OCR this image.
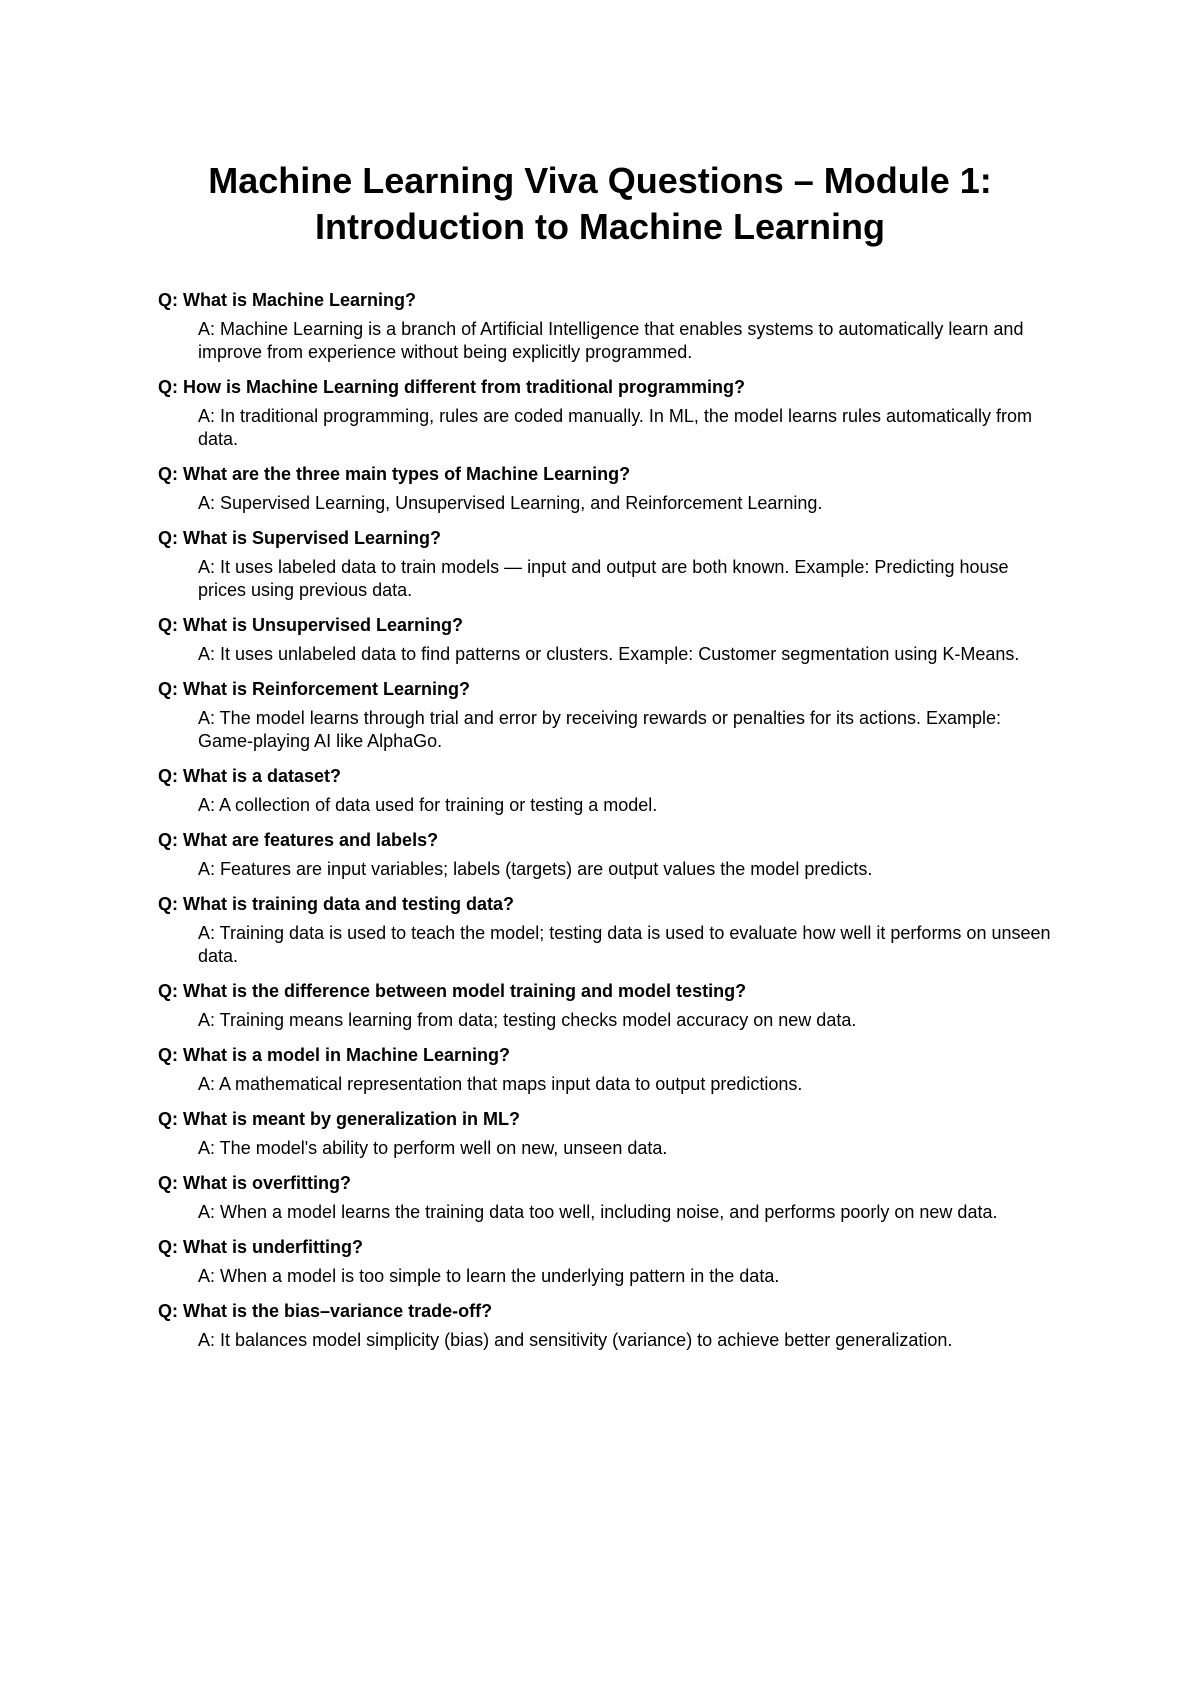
Machine Learning Viva Questions – Module 1:
Introduction to Machine Learning
Q: What is Machine Learning?
A: Machine Learning is a branch of Artificial Intelligence that enables systems to automatically learn and improve from experience without being explicitly programmed.
Q: How is Machine Learning different from traditional programming?
A: In traditional programming, rules are coded manually. In ML, the model learns rules automatically from data.
Q: What are the three main types of Machine Learning?
A: Supervised Learning, Unsupervised Learning, and Reinforcement Learning.
Q: What is Supervised Learning?
A: It uses labeled data to train models — input and output are both known. Example: Predicting house prices using previous data.
Q: What is Unsupervised Learning?
A: It uses unlabeled data to find patterns or clusters. Example: Customer segmentation using K-Means.
Q: What is Reinforcement Learning?
A: The model learns through trial and error by receiving rewards or penalties for its actions. Example: Game-playing AI like AlphaGo.
Q: What is a dataset?
A: A collection of data used for training or testing a model.
Q: What are features and labels?
A: Features are input variables; labels (targets) are output values the model predicts.
Q: What is training data and testing data?
A: Training data is used to teach the model; testing data is used to evaluate how well it performs on unseen data.
Q: What is the difference between model training and model testing?
A: Training means learning from data; testing checks model accuracy on new data.
Q: What is a model in Machine Learning?
A: A mathematical representation that maps input data to output predictions.
Q: What is meant by generalization in ML?
A: The model's ability to perform well on new, unseen data.
Q: What is overfitting?
A: When a model learns the training data too well, including noise, and performs poorly on new data.
Q: What is underfitting?
A: When a model is too simple to learn the underlying pattern in the data.
Q: What is the bias–variance trade-off?
A: It balances model simplicity (bias) and sensitivity (variance) to achieve better generalization.
